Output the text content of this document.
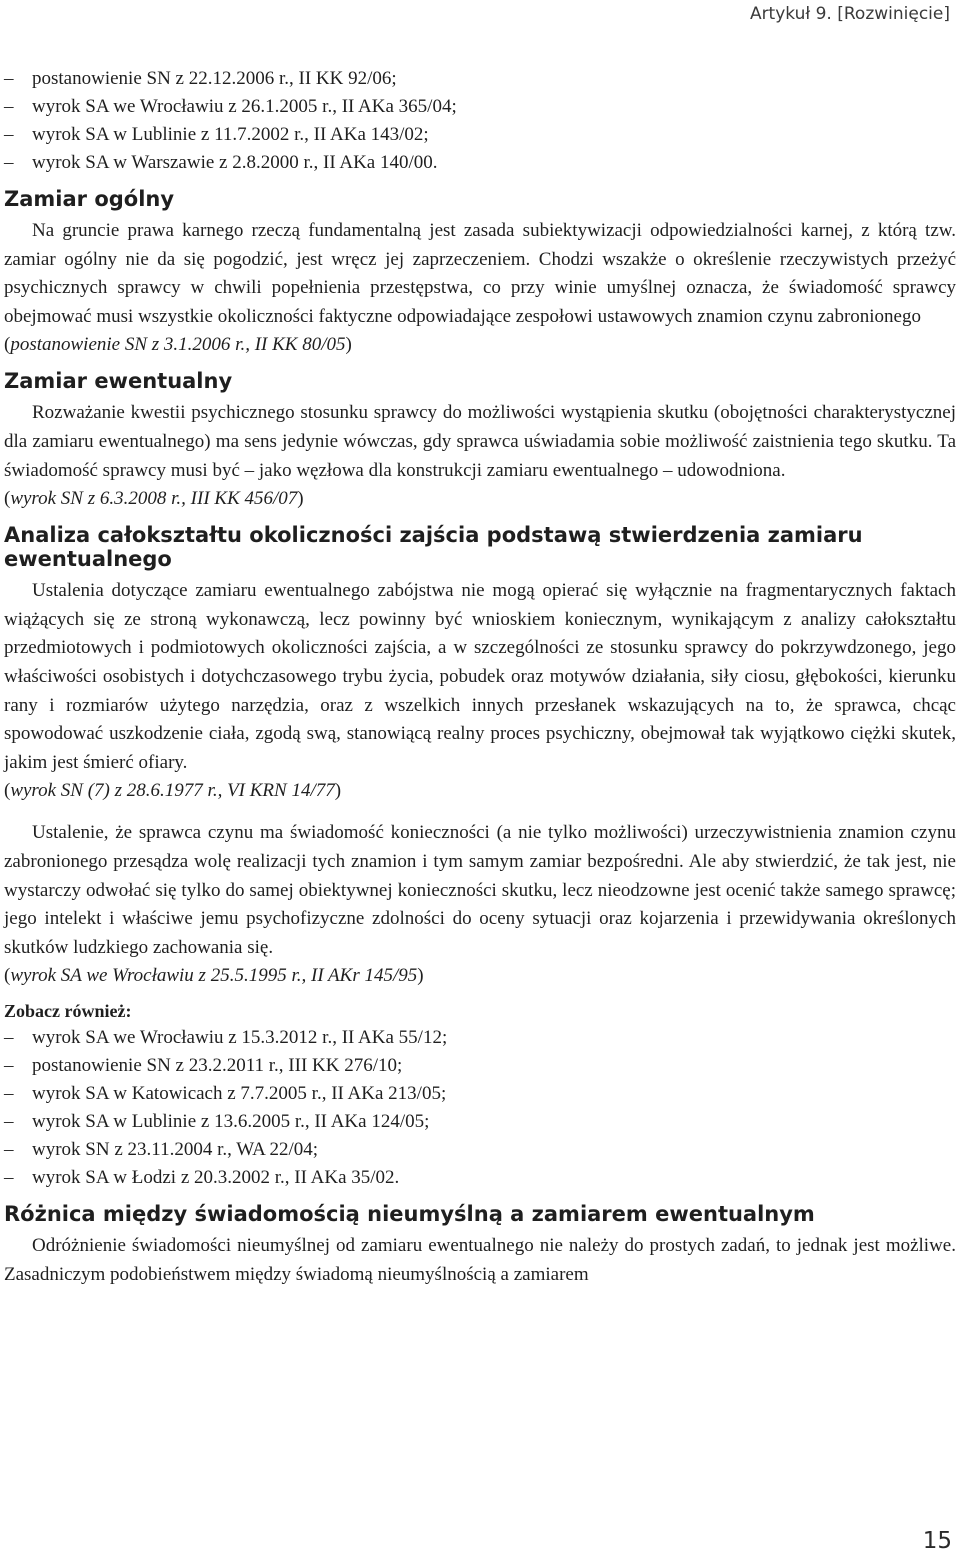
Artykuł 9. [Rozwinięcie]
– postanowienie SN z 22.12.2006 r., II KK 92/06;
– wyrok SA we Wrocławiu z 26.1.2005 r., II AKa 365/04;
– wyrok SA w Lublinie z 11.7.2002 r., II AKa 143/02;
– wyrok SA w Warszawie z 2.8.2000 r., II AKa 140/00.
Zamiar ogólny

Na gruncie prawa karnego rzeczą fundamentalną jest zasada subiektywizacji odpowiedzialności karnej, z którą tzw. zamiar ogólny nie da się pogodzić, jest wręcz jej zaprzeczeniem. Chodzi wszakże o określenie rzeczywistych przeżyć psychicznych sprawcy w chwili popełnienia przestępstwa, co przy winie umyślnej oznacza, że świadomość sprawcy obejmować musi wszystkie okoliczności faktyczne odpowiadające zespołowi ustawowych znamion czynu zabronionego

(postanowienie SN z 3.1.2006 r., II KK 80/05)
Zamiar ewentualny

Rozważanie kwestii psychicznego stosunku sprawcy do możliwości wystąpienia skutku (obojętności charakterystycznej dla zamiaru ewentualnego) ma sens jedynie wówczas, gdy sprawca uświadamia sobie możliwość zaistnienia tego skutku. Ta świadomość sprawcy musi być – jako węzłowa dla konstrukcji zamiaru ewentualnego – udowodniona.

(wyrok SN z 6.3.2008 r., III KK 456/07)
Analiza całokształtu okoliczności zajścia podstawą stwierdzenia zamiaru ewentualnego

Ustalenia dotyczące zamiaru ewentualnego zabójstwa nie mogą opierać się wyłącznie na fragmentarycznych faktach wiążących się ze stroną wykonawczą, lecz powinny być wnioskiem koniecznym, wynikającym z analizy całokształtu przedmiotowych i podmiotowych okoliczności zajścia, a w szczególności ze stosunku sprawcy do pokrzywdzonego, jego właściwości osobistych i dotychczasowego trybu życia, pobudek oraz motywów działania, siły ciosu, głębokości, kierunku rany i rozmiarów użytego narzędzia, oraz z wszelkich innych przesłanek wskazujących na to, że sprawca, chcąc spowodować uszkodzenie ciała, zgodą swą, stanowiącą realny proces psychiczny, obejmował tak wyjątkowo ciężki skutek, jakim jest śmierć ofiary.

(wyrok SN (7) z 28.6.1977 r., VI KRN 14/77)

Ustalenie, że sprawca czynu ma świadomość konieczności (a nie tylko możliwości) urzeczywistnienia znamion czynu zabronionego przesądza wolę realizacji tych znamion i tym samym zamiar bezpośredni. Ale aby stwierdzić, że tak jest, nie wystarczy odwołać się tylko do samej obiektywnej konieczności skutku, lecz nieodzowne jest ocenić także samego sprawcę; jego intelekt i właściwe jemu psychofizyczne zdolności do oceny sytuacji oraz kojarzenia i przewidywania określonych skutków ludzkiego zachowania się.

(wyrok SA we Wrocławiu z 25.5.1995 r., II AKr 145/95)
Zobacz również:
– wyrok SA we Wrocławiu z 15.3.2012 r., II AKa 55/12;
– postanowienie SN z 23.2.2011 r., III KK 276/10;
– wyrok SA w Katowicach z 7.7.2005 r., II AKa 213/05;
– wyrok SA w Lublinie z 13.6.2005 r., II AKa 124/05;
– wyrok SN z 23.11.2004 r., WA 22/04;
– wyrok SA w Łodzi z 20.3.2002 r., II AKa 35/02.
Różnica między świadomością nieumyślną a zamiarem ewentualnym

Odróżnienie świadomości nieumyślnej od zamiaru ewentualnego nie należy do prostych zadań, to jednak jest możliwe. Zasadniczym podobieństwem między świadomą nieumyślnością a zamiarem

15
